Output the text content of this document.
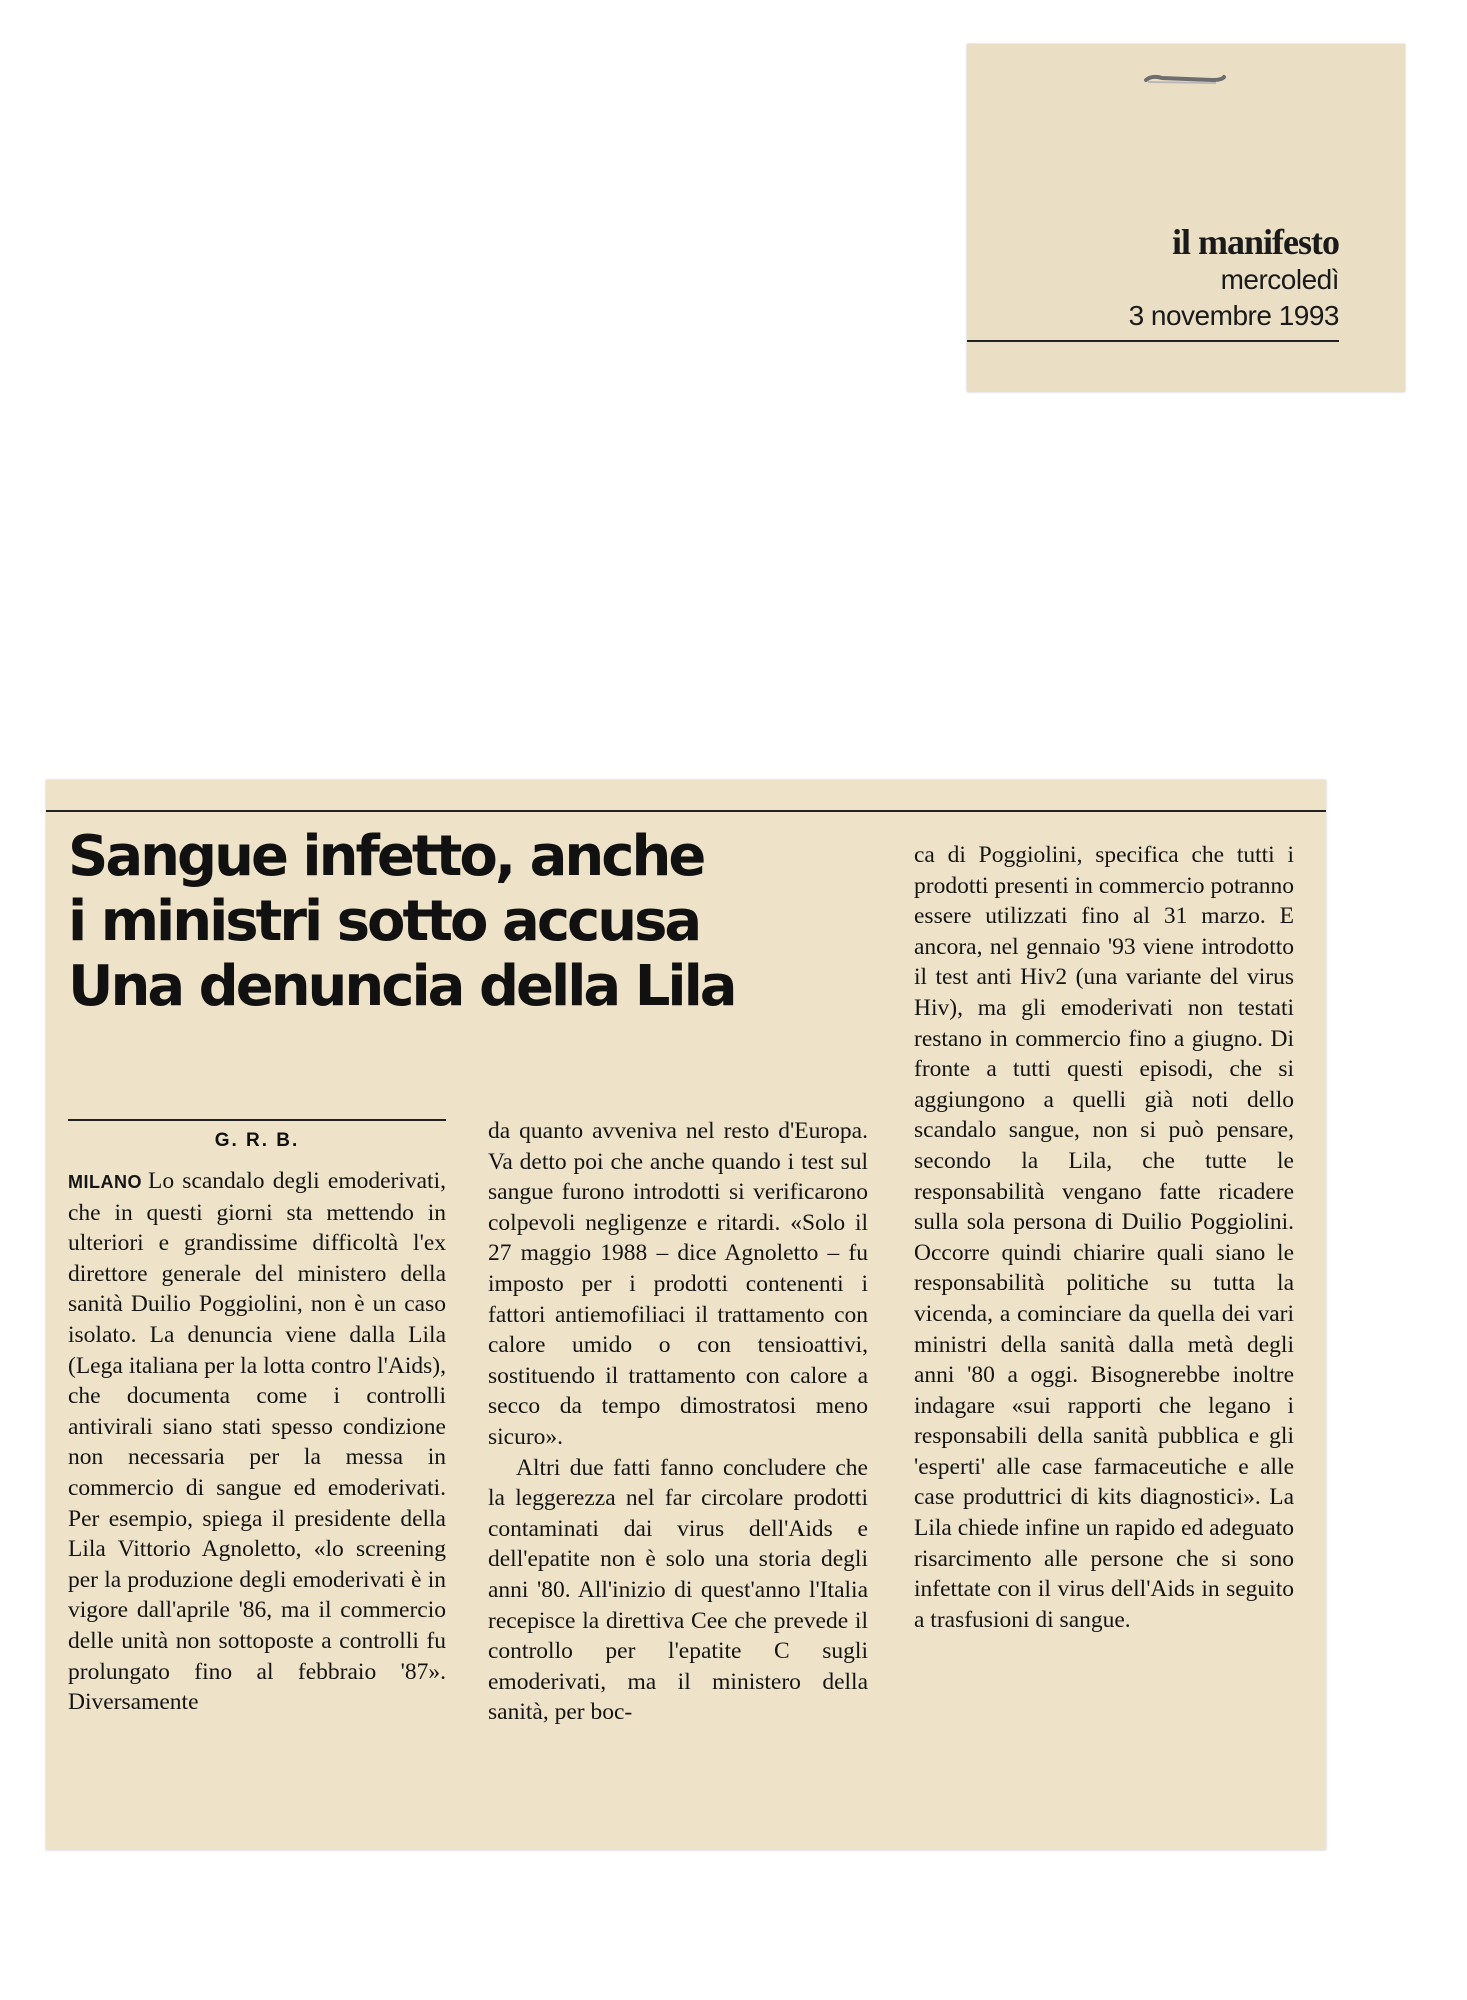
il manifesto
mercoledì
3 novembre 1993
Sangue infetto, anche
i ministri sotto accusa
Una denuncia della Lila
G. R. B.

MILANO Lo scandalo degli emoderivati, che in questi giorni sta mettendo in ulteriori e grandissime difficoltà l'ex direttore generale del ministero della sanità Duilio Poggiolini, non è un caso isolato. La denuncia viene dalla Lila (Lega italiana per la lotta contro l'Aids), che documenta come i controlli antivirali siano stati spesso condizione non necessaria per la messa in commercio di sangue ed emoderivati. Per esempio, spiega il presidente della Lila Vittorio Agnoletto, «lo screening per la produzione degli emoderivati è in vigore dall'aprile '86, ma il commercio delle unità non sottoposte a controlli fu prolungato fino al febbraio '87». Diversamente

da quanto avveniva nel resto d'Europa. Va detto poi che anche quando i test sul sangue furono introdotti si verificarono colpevoli negligenze e ritardi. «Solo il 27 maggio 1988 – dice Agnoletto – fu imposto per i prodotti contenenti i fattori antiemofiliaci il trattamento con calore umido o con tensioattivi, sostituendo il trattamento con calore a secco da tempo dimostratosi meno sicuro».

Altri due fatti fanno concludere che la leggerezza nel far circolare prodotti contaminati dai virus dell'Aids e dell'epatite non è solo una storia degli anni '80. All'inizio di quest'anno l'Italia recepisce la direttiva Cee che prevede il controllo per l'epatite C sugli emoderivati, ma il ministero della sanità, per boc-

ca di Poggiolini, specifica che tutti i prodotti presenti in commercio potranno essere utilizzati fino al 31 marzo. E ancora, nel gennaio '93 viene introdotto il test anti Hiv2 (una variante del virus Hiv), ma gli emoderivati non testati restano in commercio fino a giugno. Di fronte a tutti questi episodi, che si aggiungono a quelli già noti dello scandalo sangue, non si può pensare, secondo la Lila, che tutte le responsabilità vengano fatte ricadere sulla sola persona di Duilio Poggiolini. Occorre quindi chiarire quali siano le responsabilità politiche su tutta la vicenda, a cominciare da quella dei vari ministri della sanità dalla metà degli anni '80 a oggi. Bisognerebbe inoltre indagare «sui rapporti che legano i responsabili della sanità pubblica e gli 'esperti' alle case farmaceutiche e alle case produttrici di kits diagnostici». La Lila chiede infine un rapido ed adeguato risarcimento alle persone che si sono infettate con il virus dell'Aids in seguito a trasfusioni di sangue.
